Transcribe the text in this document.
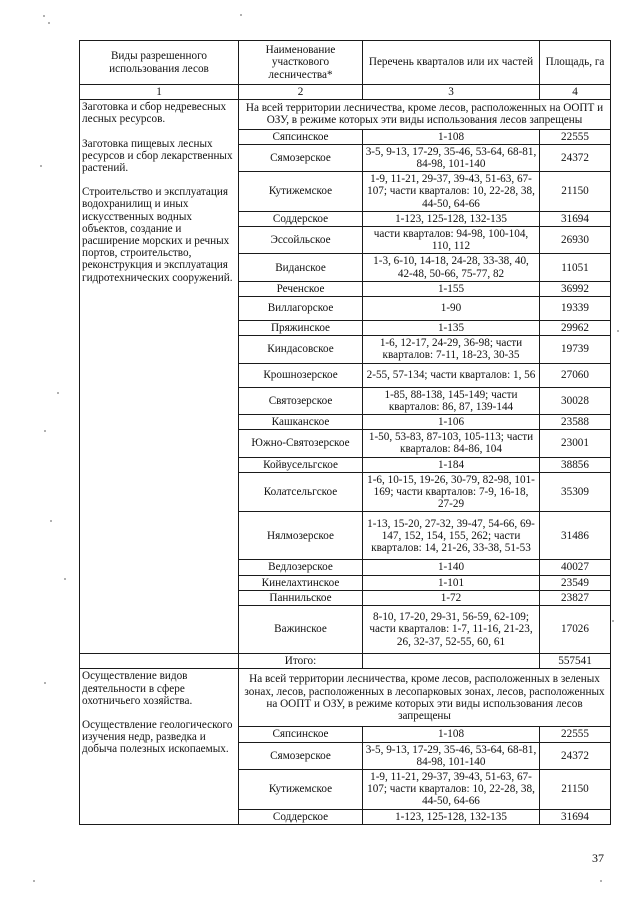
Виды разрешенного использования лесов	Наименование участкового лесничества*	Перечень кварталов или их частей	Площадь, га
1	2	3	4

Заготовка и сбор недревесных лесных ресурсов.
Заготовка пищевых лесных ресурсов и сбор лекарственных растений.
Строительство и эксплуатация водохранилищ и иных искусственных водных объектов, создание и расширение морских и речных портов, строительство, реконструкция и эксплуатация гидротехнических сооружений.	На всей территории лесничества, кроме лесов, расположенных на ООПТ и ОЗУ, в режиме которых эти виды использования лесов запрещены		
	Сяпсинское	1-108	22555
	Сямозерское	3-5, 9-13, 17-29, 35-46, 53-64, 68-81, 84-98, 101-140	24372
	Кутижемское	1-9, 11-21, 29-37, 39-43, 51-63, 67-107; части кварталов: 10, 22-28, 38, 44-50, 64-66	21150
	Соддерское	1-123, 125-128, 132-135	31694
	Эссойльское	части кварталов: 94-98, 100-104, 110, 112	26930
	Виданское	1-3, 6-10, 14-18, 24-28, 33-38, 40, 42-48, 50-66, 75-77, 82	11051
	Реченское	1-155	36992
	Виллагорское	1-90	19339
	Пряжинское	1-135	29962
	Киндасовское	1-6, 12-17, 24-29, 36-98; части кварталов: 7-11, 18-23, 30-35	19739
	Крошнозерское	2-55, 57-134; части кварталов: 1, 56	27060
	Святозерское	1-85, 88-138, 145-149; части кварталов: 86, 87, 139-144	30028
	Кашканское	1-106	23588
	Южно-Святозерское	1-50, 53-83, 87-103, 105-113; части кварталов: 84-86, 104	23001
	Койвусельгское	1-184	38856
	Колатсельгское	1-6, 10-15, 19-26, 30-79, 82-98, 101-169; части кварталов: 7-9, 16-18, 27-29	35309
	Нялмозерское	1-13, 15-20, 27-32, 39-47, 54-66, 69-147, 152, 154, 155, 262; части кварталов: 14, 21-26, 33-38, 51-53	31486
	Ведлозерское	1-140	40027
	Кинелахтинское	1-101	23549
	Паннильское	1-72	23827
	Важинское	8-10, 17-20, 29-31, 56-59, 62-109; части кварталов: 1-7, 11-16, 21-23, 26, 32-37, 52-55, 60, 61	17026
	Итого:		557541

Осуществление видов деятельности в сфере охотничьего хозяйства.
Осуществление геологического изучения недр, разведка и добыча полезных ископаемых.	На всей территории лесничества, кроме лесов, расположенных в зеленых зонах, лесов, расположенных в лесопарковых зонах, лесов, расположенных на ООПТ и ОЗУ, в режиме которых эти виды использования лесов запрещены		
	Сяпсинское	1-108	22555
	Сямозерское	3-5, 9-13, 17-29, 35-46, 53-64, 68-81, 84-98, 101-140	24372
	Кутижемское	1-9, 11-21, 29-37, 39-43, 51-63, 67-107; части кварталов: 10, 22-28, 38, 44-50, 64-66	21150
	Соддерское	1-123, 125-128, 132-135	31694
37
